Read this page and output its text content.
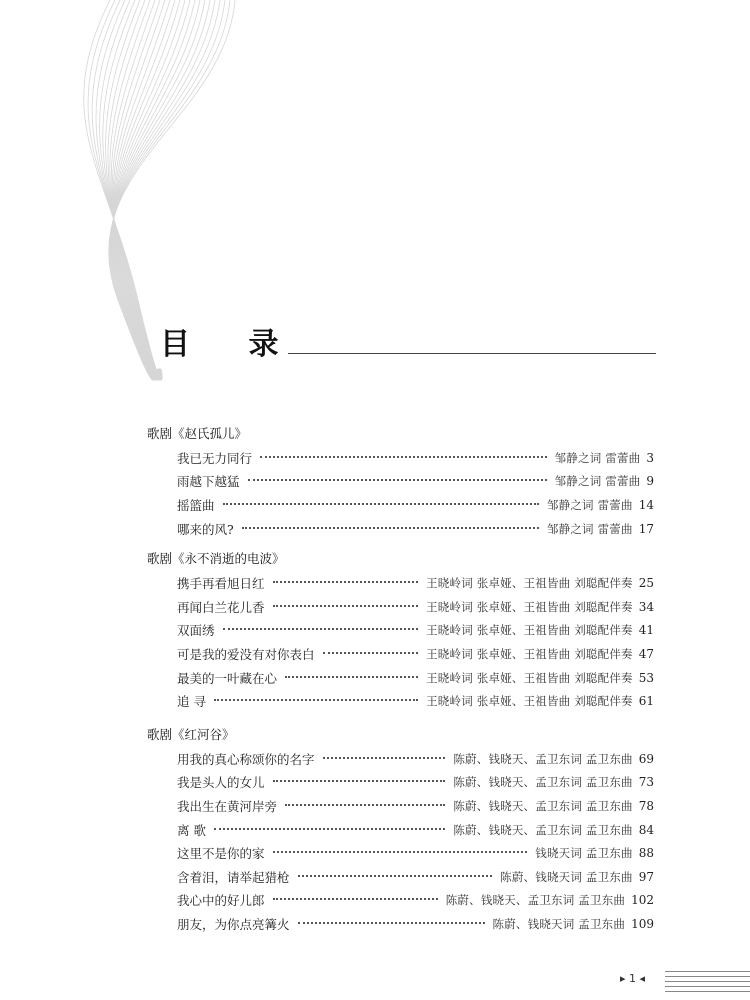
目 录
歌剧《赵氏孤儿》
我已无力同行	邹静之词 雷蕾曲 3
雨越下越猛	邹静之词 雷蕾曲 9
摇篮曲	邹静之词 雷蕾曲 14
哪来的风?	邹静之词 雷蕾曲 17
歌剧《永不消逝的电波》
携手再看旭日红	王晓岭词 张卓娅、王祖皆曲 刘聪配伴奏 25
再闻白兰花儿香	王晓岭词 张卓娅、王祖皆曲 刘聪配伴奏 34
双面绣	王晓岭词 张卓娅、王祖皆曲 刘聪配伴奏 41
可是我的爱没有对你表白	王晓岭词 张卓娅、王祖皆曲 刘聪配伴奏 47
最美的一叶藏在心	王晓岭词 张卓娅、王祖皆曲 刘聪配伴奏 53
追 寻	王晓岭词 张卓娅、王祖皆曲 刘聪配伴奏 61
歌剧《红河谷》
用我的真心称颂你的名字	陈蔚、钱晓天、孟卫东词 孟卫东曲 69
我是头人的女儿	陈蔚、钱晓天、孟卫东词 孟卫东曲 73
我出生在黄河岸旁	陈蔚、钱晓天、孟卫东词 孟卫东曲 78
离 歌	陈蔚、钱晓天、孟卫东词 孟卫东曲 84
这里不是你的家	钱晓天词 孟卫东曲 88
含着泪，请举起猎枪	陈蔚、钱晓天词 孟卫东曲 97
我心中的好儿郎	陈蔚、钱晓天、孟卫东词 孟卫东曲 102
朋友，为你点亮篝火	陈蔚、钱晓天词 孟卫东曲 109
▸ 1 ◂
